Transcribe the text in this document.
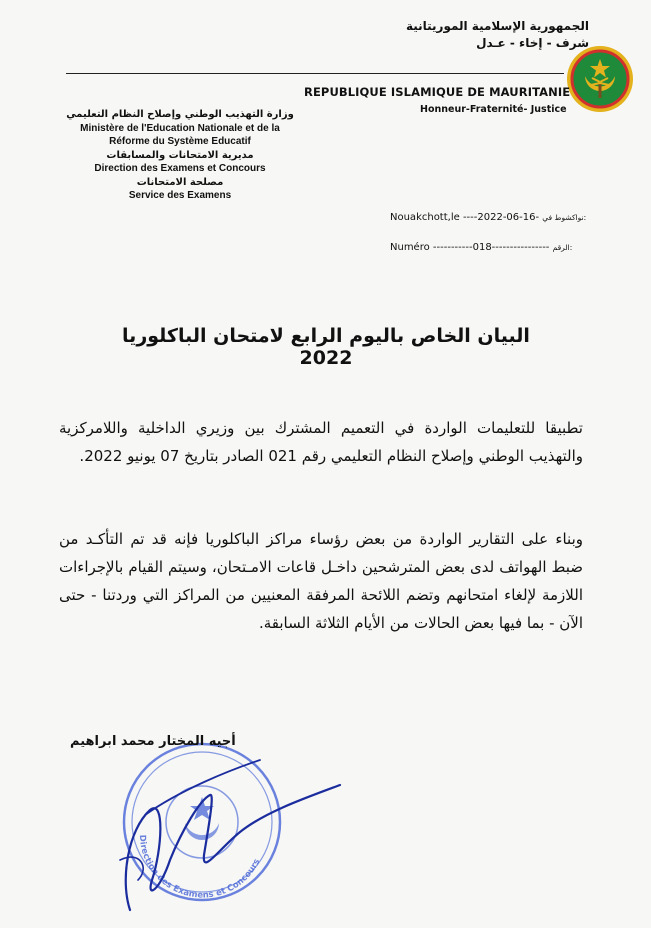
الجمهورية الإسلامية الموريتانية
شرف - إخاء - عـدل
REPUBLIQUE ISLAMIQUE DE MAURITANIE
Honneur-Fraternité- Justice
وزارة التهذيب الوطني وإصلاح النظام التعليمي
Ministère de l'Education Nationale et de la
Réforme du Système Educatif
مديرية الامتحانات والمسابقات
Direction des Examens et Concours
مصلحة الامتحانات
Service des Examens
Nouakchott,le ----2022-06-16- نواكشوط في:
Numéro -----------018---------------- الرقم:
البيان الخاص باليوم الرابع لامتحان الباكلوريا 2022
تطبيقا للتعليمات الواردة في التعميم المشترك بين وزيري الداخلية واللامركزية والتهذيب الوطني وإصلاح النظام التعليمي رقم 021 الصادر بتاريخ 07 يونيو 2022.
وبناء على التقارير الواردة من بعض رؤساء مراكز الباكلوريا فإنه قد تم التأكـد من ضبط الهواتف لدى بعض المترشحين داخـل قاعات الامـتحان، وسيتم القيام بالإجراءات اللازمة لإلغاء امتحانهم وتضم اللائحة المرفقة المعنيين من المراكز التي وردتنا - حتى الآن - بما فيها بعض الحالات من الأيام الثلاثة السابقة.
Direction des Examens et Concours
أجيه المختار محمد ابراهيم
